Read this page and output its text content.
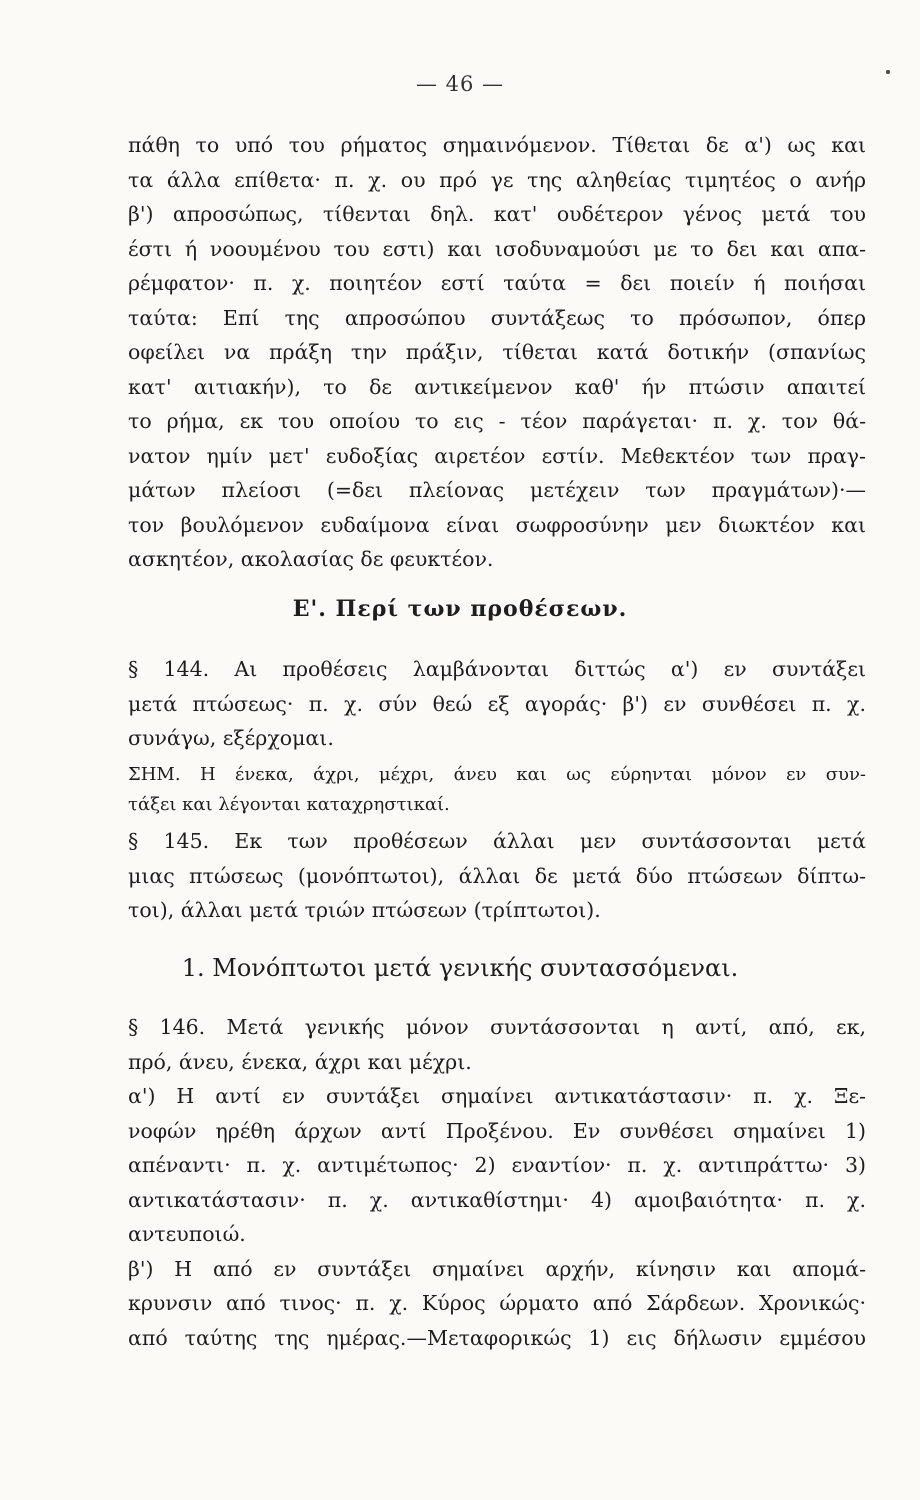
— 46 —
πάθη το υπό του ρήματος σημαινόμενον. Τίθεται δε α') ως και
τα άλλα επίθετα· π. χ. ου πρό γε της αληθείας τιμητέος ο ανήρ
β') απροσώπως, τίθενται δηλ. κατ' ουδέτερον γένος μετά του
έστι ή νοουμένου του εστι) και ισοδυναμούσι με το δει και απα-
ρέμφατον· π. χ. ποιητέον εστί ταύτα = δει ποιείν ή ποιήσαι
ταύτα: Επί της απροσώπου συντάξεως το πρόσωπον, όπερ
οφείλει να πράξη την πράξιν, τίθεται κατά δοτικήν (σπανίως
κατ' αιτιακήν), το δε αντικείμενον καθ' ήν πτώσιν απαιτεί
το ρήμα, εκ του οποίου το εις - τέον παράγεται· π. χ. τον θά-
νατον ημίν μετ' ευδοξίας αιρετέον εστίν. Μεθεκτέον των πραγ-
μάτων πλείοσι (=δει πλείονας μετέχειν των πραγμάτων)·—
τον βουλόμενον ευδαίμονα είναι σωφροσύνην μεν διωκτέον και
ασκητέον, ακολασίας δε φευκτέον.
Ε'. Περί των προθέσεων.
§ 144. Αι προθέσεις λαμβάνονται διττώς α') εν συντάξει
μετά πτώσεως· π. χ. σύν θεώ εξ αγοράς· β') εν συνθέσει π. χ.
συνάγω, εξέρχομαι.
ΣΗΜ. Η ένεκα, άχρι, μέχρι, άνευ και ως εύρηνται μόνον εν συν-
τάξει και λέγονται καταχρηστικαί.
§ 145. Εκ των προθέσεων άλλαι μεν συντάσσονται μετά
μιας πτώσεως (μονόπτωτοι), άλλαι δε μετά δύο πτώσεων δίπτω-
τοι), άλλαι μετά τριών πτώσεων (τρίπτωτοι).
1. Μονόπτωτοι μετά γενικής συντασσόμεναι.
§ 146. Μετά γενικής μόνον συντάσσονται η αντί, από, εκ,
πρό, άνευ, ένεκα, άχρι και μέχρι.
α') Η αντί εν συντάξει σημαίνει αντικατάστασιν· π. χ. Ξε-
νοφών ηρέθη άρχων αντί Προξένου. Εν συνθέσει σημαίνει 1)
απέναντι· π. χ. αντιμέτωπος· 2) εναντίον· π. χ. αντιπράττω· 3)
αντικατάστασιν· π. χ. αντικαθίστημι· 4) αμοιβαιότητα· π. χ.
αντευποιώ.
β') Η από εν συντάξει σημαίνει αρχήν, κίνησιν και απομά-
κρυνσιν από τινος· π. χ. Κύρος ώρματο από Σάρδεων. Χρονικώς·
από ταύτης της ημέρας.—Μεταφορικώς 1) εις δήλωσιν εμμέσου
